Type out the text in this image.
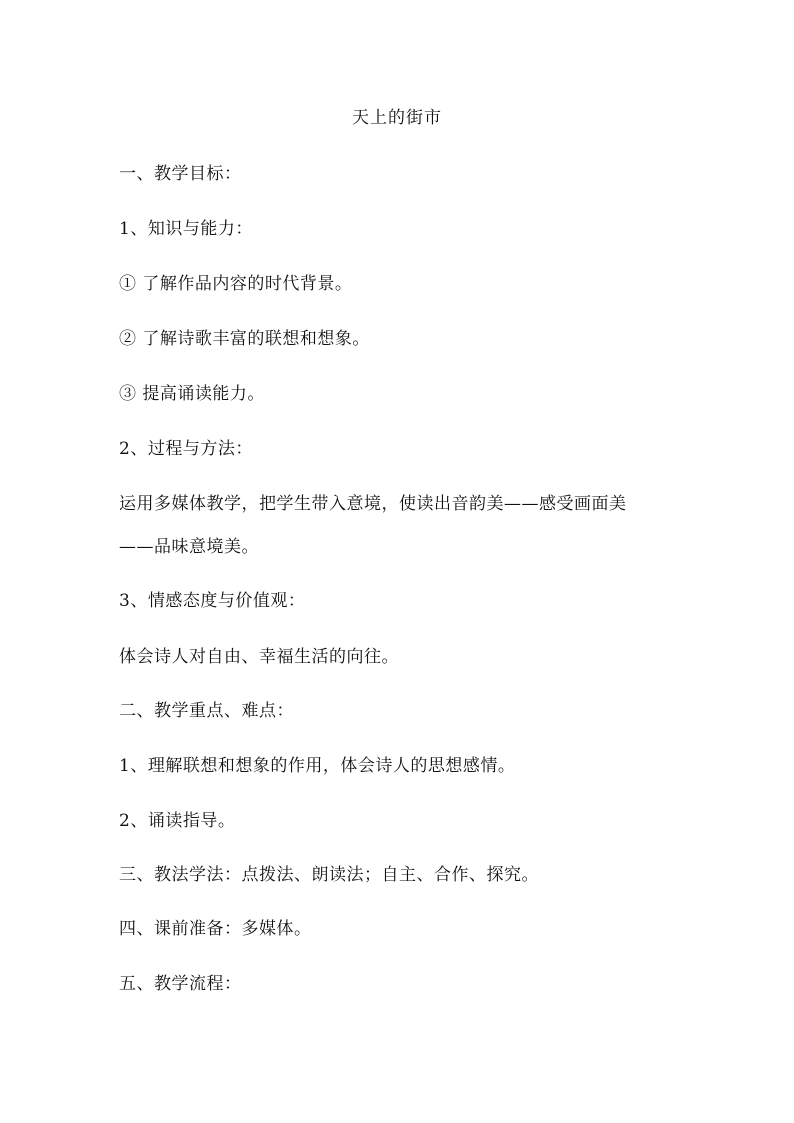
天上的街市
一、教学目标：
1、知识与能力：
① 了解作品内容的时代背景。
② 了解诗歌丰富的联想和想象。
③ 提高诵读能力。
2、过程与方法：
运用多媒体教学，把学生带入意境，使读出音韵美——感受画面美
——品味意境美。
3、情感态度与价值观：
体会诗人对自由、幸福生活的向往。
二、教学重点、难点：
1、理解联想和想象的作用，体会诗人的思想感情。
2、诵读指导。
三、教法学法：点拨法、朗读法；自主、合作、探究。
四、课前准备：多媒体。
五、教学流程：
